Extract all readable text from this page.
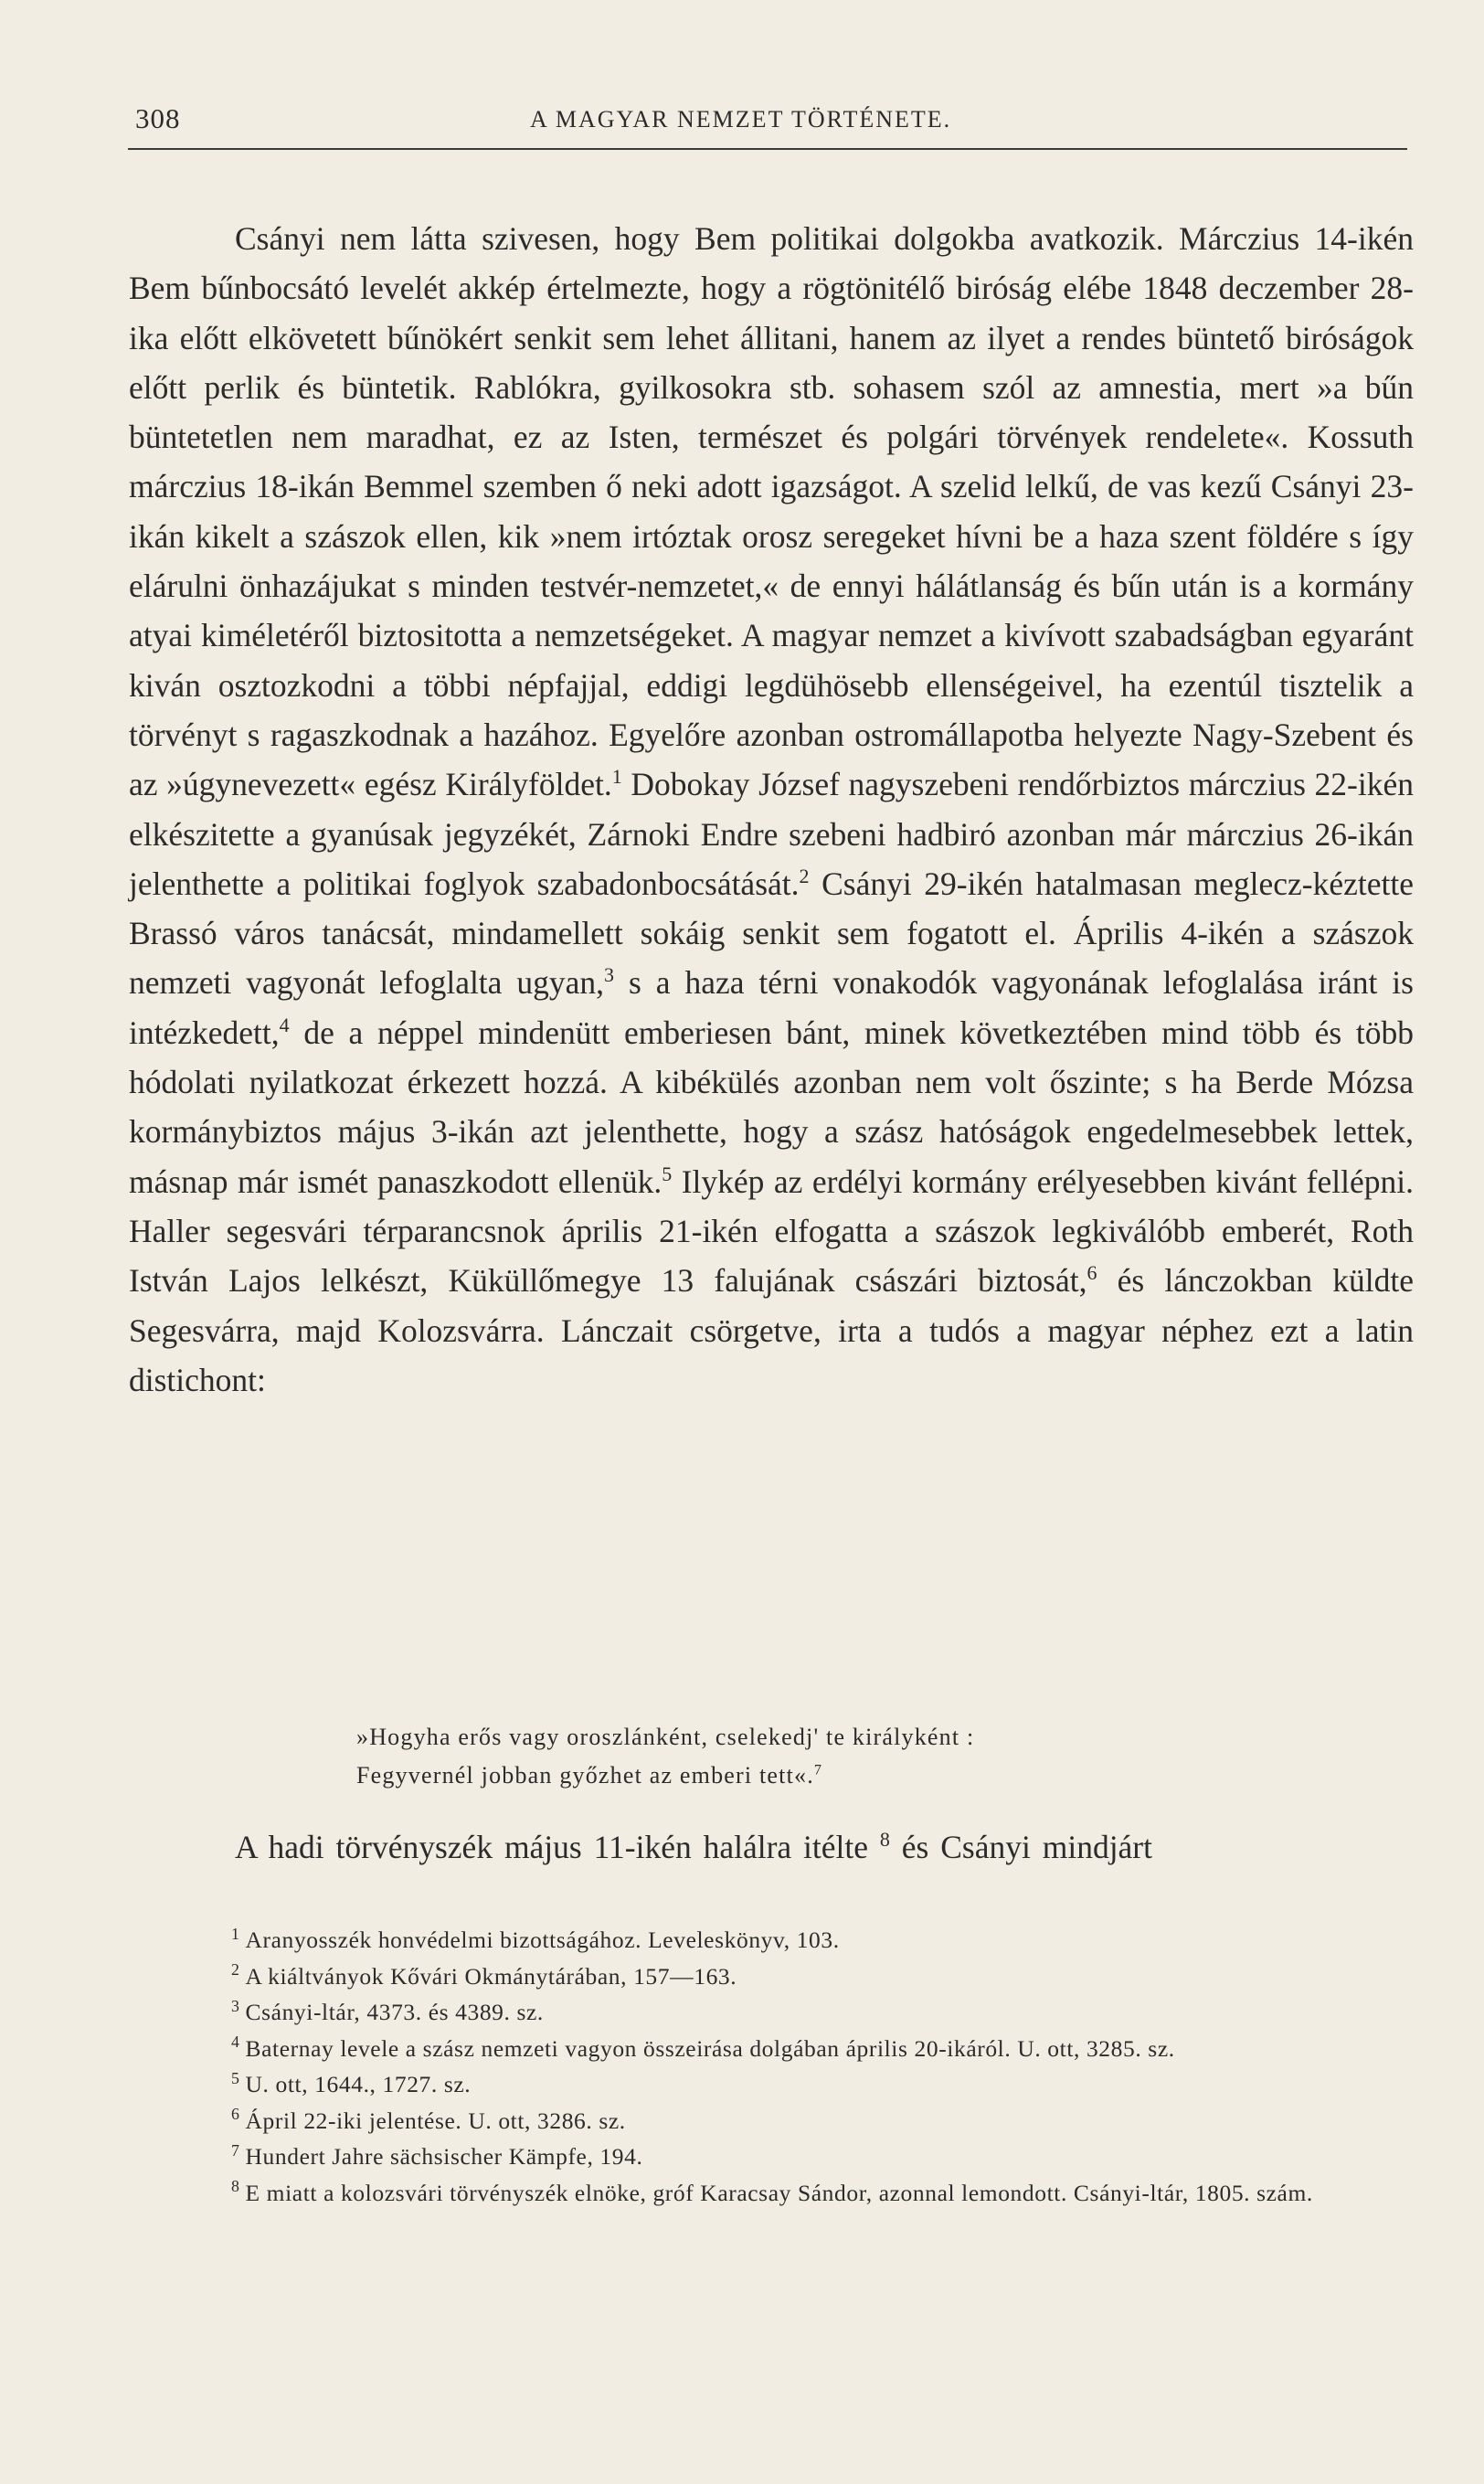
308	A MAGYAR NEMZET TÖRTÉNETE.

Csányi nem látta szivesen, hogy Bem politikai dolgokba avatkozik. Márczius 14-ikén Bem bűnbocsátó levelét akkép értelmezte, hogy a rögtönitélő biróság elébe 1848 deczember 28-ika előtt elkövetett bűnökért senkit sem lehet állitani, hanem az ilyet a rendes büntető biróságok előtt perlik és büntetik. Rablókra, gyilkosokra stb. sohasem szól az amnestia, mert »a bűn büntetetlen nem maradhat, ez az Isten, természet és polgári törvények rendelete«. Kossuth márczius 18-ikán Bemmel szemben ő neki adott igazságot. A szelid lelkű, de vas kezű Csányi 23-ikán kikelt a szászok ellen, kik »nem irtóztak orosz seregeket hívni be a haza szent földére s így elárulni önhazájukat s minden testvér-nemzetet,« de ennyi hálátlanság és bűn után is a kormány atyai kiméletéről biztositotta a nemzetségeket. A magyar nemzet a kivívott szabadságban egyaránt kiván osztozkodni a többi népfajjal, eddigi legdühösebb ellenségeivel, ha ezentúl tisztelik a törvényt s ragaszkodnak a hazához. Egyelőre azonban ostromállapotba helyezte Nagy-Szebent és az »úgynevezett« egész Királyföldet.$^1$ Dobokay József nagyszebeni rendőrbiztos márczius 22-ikén elkészitette a gyanúsak jegyzékét, Zárnoki Endre szebeni hadbiró azonban már márczius 26-ikán jelenthette a politikai foglyok szabadonbocsátását.$^2$ Csányi 29-ikén hatalmasan meglecz-kéztette Brassó város tanácsát, mindamellett sokáig senkit sem fogatott el. Április 4-ikén a szászok nemzeti vagyonát lefoglalta ugyan,$^3$ s a haza térni vonakodók vagyonának lefoglalása iránt is intézkedett,$^4$ de a néppel mindenütt emberiesen bánt, minek következtében mind több és több hódolati nyilatkozat érkezett hozzá. A kibékülés azonban nem volt őszinte; s ha Berde Mózsa kormánybiztos május 3-ikán azt jelenthette, hogy a szász hatóságok engedelmesebbek lettek, másnap már ismét panaszkodott ellenük.$^5$ Ilykép az erdélyi kormány erélyesebben kivánt fellépni. Haller segesvári térparancsnok április 21-ikén elfogatta a szászok legkiválóbb emberét, Roth István Lajos lelkészt, Küküllőmegye 13 falujának császári biztosát,$^6$ és lánczokban küldte Segesvárra, majd Kolozsvárra. Lánczait csörgetve, irta a tudós a magyar néphez ezt a latin distichont:

»Hogyha erős vagy oroszlánként, cselekedj' te királyként :
Fegyvernél jobban győzhet az emberi tett«.$^7$
A hadi törvényszék május 11-ikén halálra itélte $^8$ és Csányi mindjárt
$^1$ Aranyosszék honvédelmi bizottságához. Leveleskönyv, 103.
$^2$ A kiáltványok Kővári Okmánytárában, 157—163.
$^3$ Csányi-ltár, 4373. és 4389. sz.
$^4$ Baternay levele a szász nemzeti vagyon összeirása dolgában április 20-ikáról. U. ott, 3285. sz.
$^5$ U. ott, 1644., 1727. sz.
$^6$ Ápril 22-iki jelentése. U. ott, 3286. sz.
$^7$ Hundert Jahre sächsischer Kämpfe, 194.
$^8$ E miatt a kolozsvári törvényszék elnöke, gróf Karacsay Sándor, azonnal lemondott. Csányi-ltár, 1805. szám.
